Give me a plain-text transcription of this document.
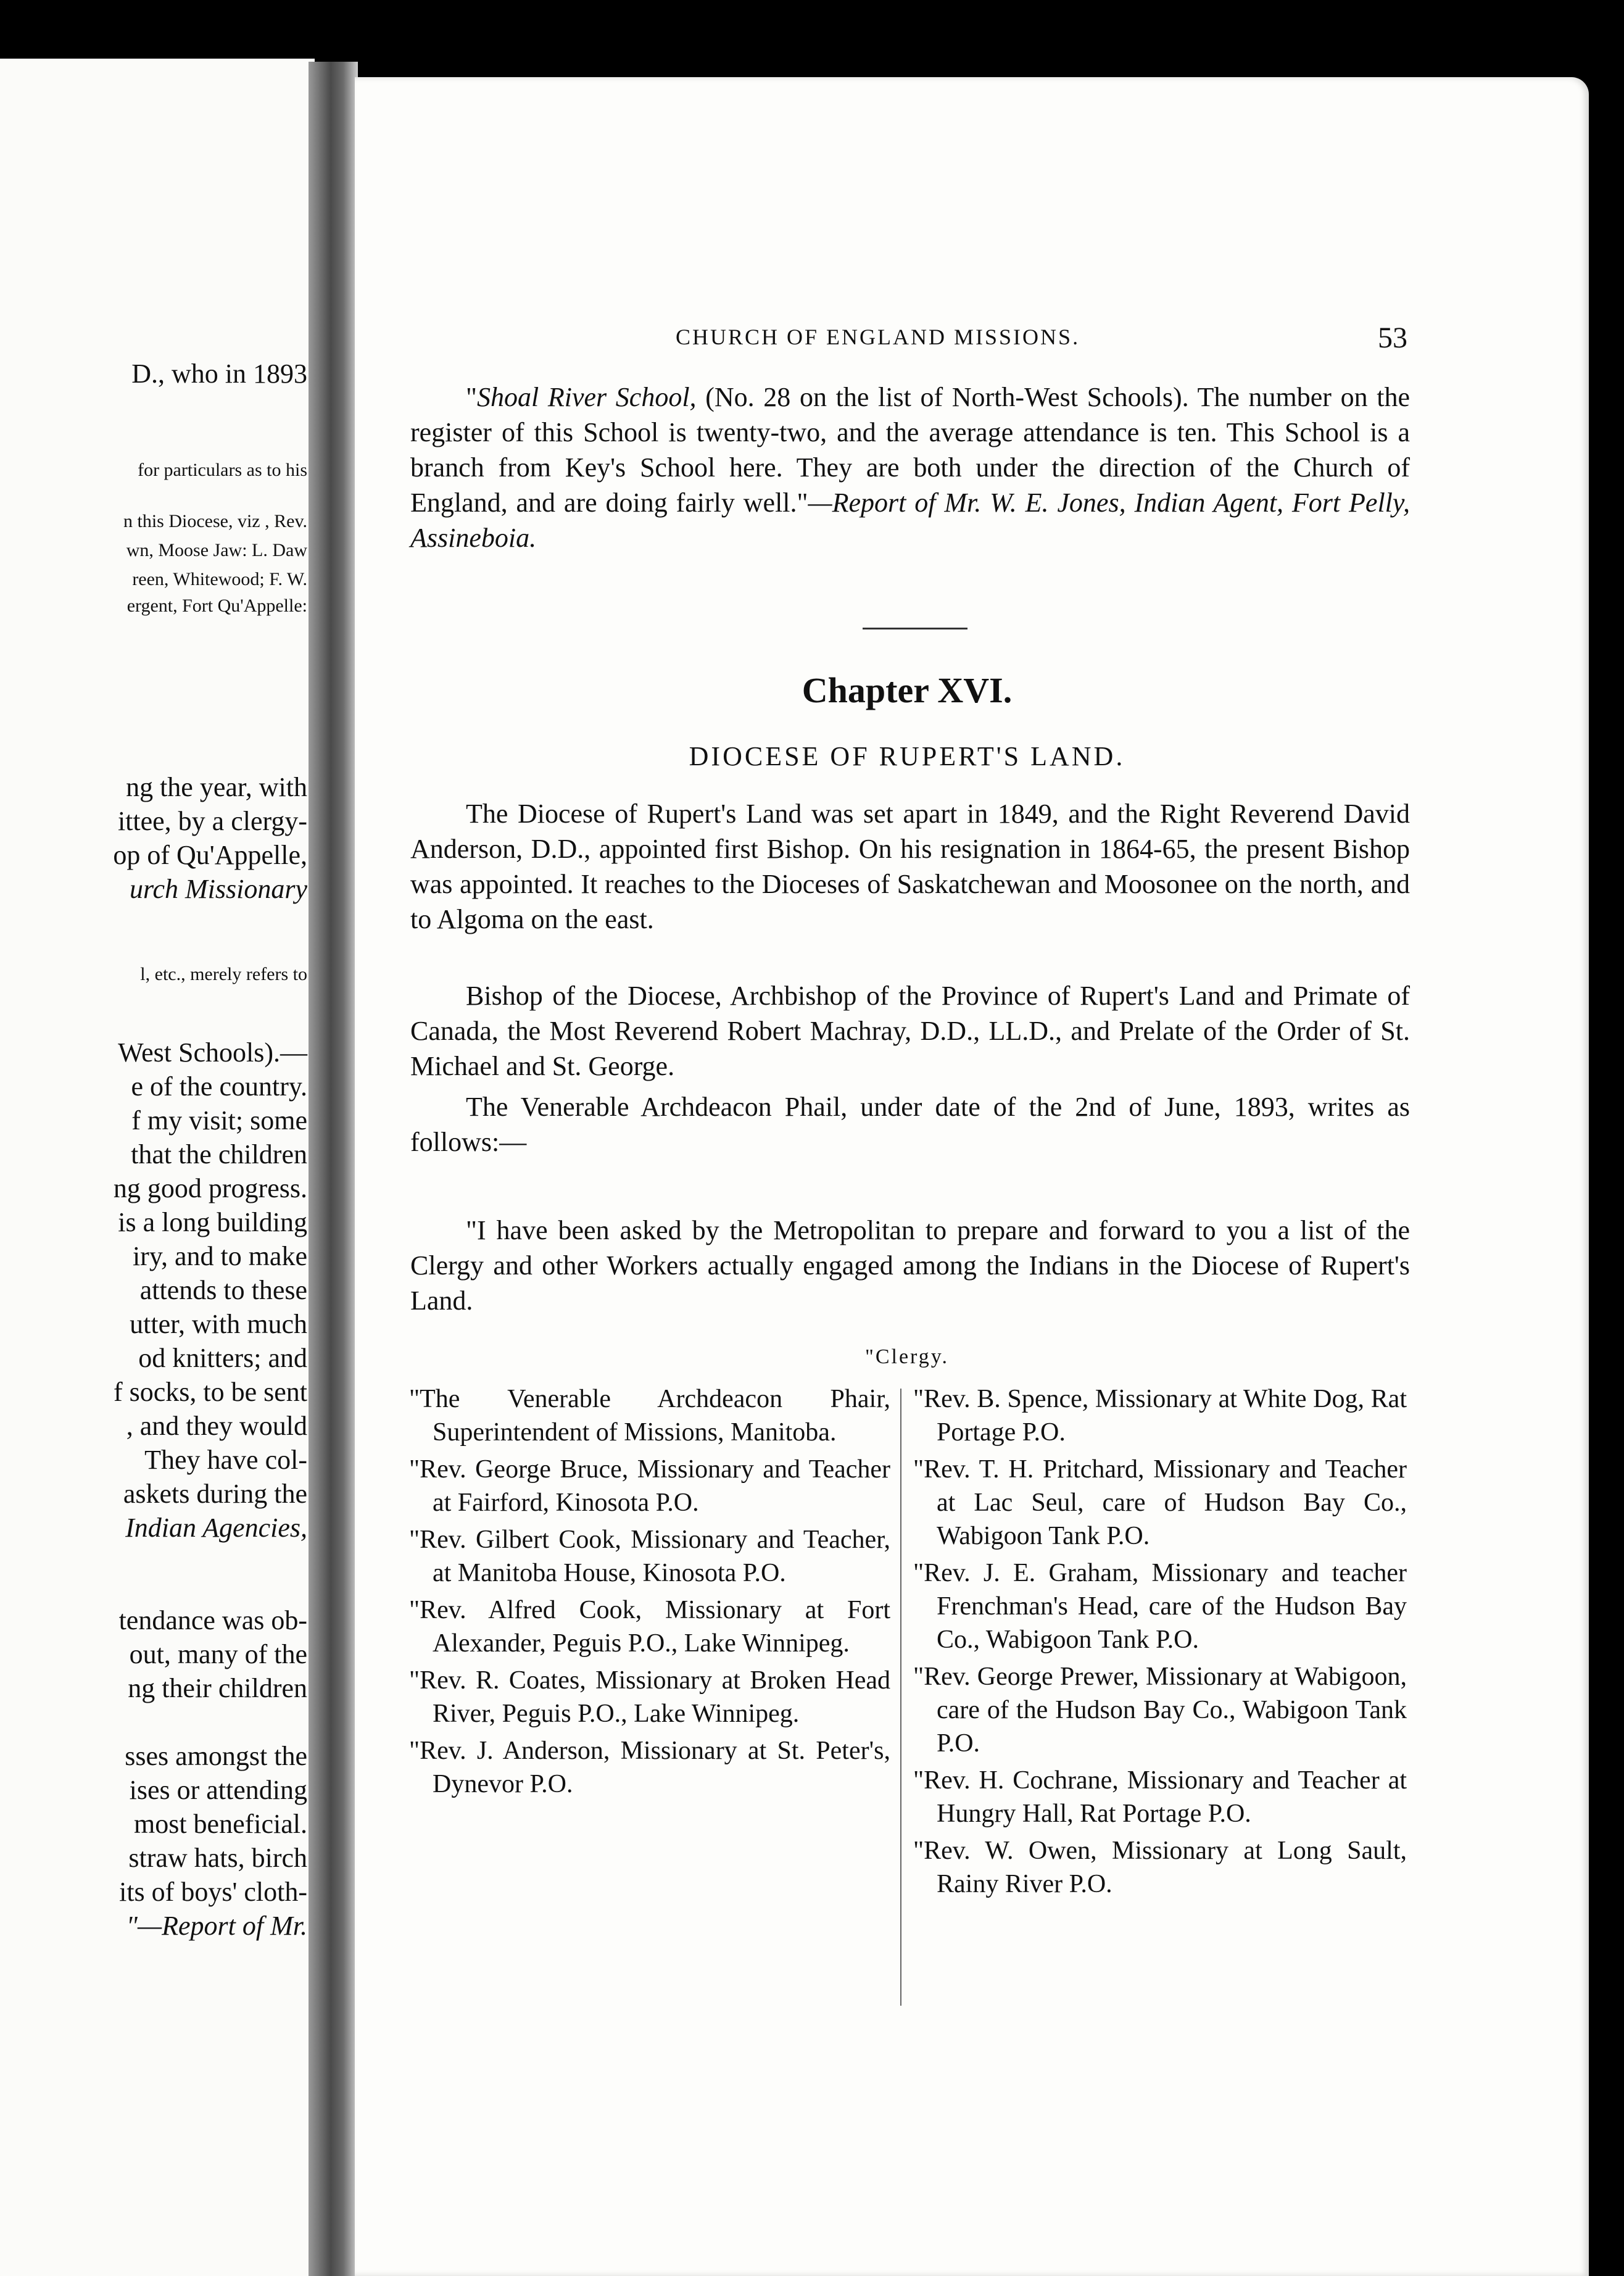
D., who in 1893
for particulars as to his
n this Diocese, viz , Rev.
wn, Moose Jaw: L. Daw
reen, Whitewood; F. W.
ergent, Fort Qu'Appelle:
ng the year, with
ittee, by a clergy-
op of Qu'Appelle,
urch Missionary
l, etc., merely refers to
West Schools).—
e of the country.
f my visit; some
that the children
ng good progress.
is a long building
iry, and to make
attends to these
utter, with much
od knitters; and
f socks, to be sent
, and they would
They have col-
askets during the
Indian Agencies,
tendance was ob-
out, many of the
ng their children
sses amongst the
ises or attending
most beneficial.
straw hats, birch
its of boys' cloth-
"—Report of Mr.
CHURCH OF ENGLAND MISSIONS.	53
"Shoal River School, (No. 28 on the list of North-West Schools). The number on the register of this School is twenty-two, and the average attendance is ten. This School is a branch from Key's School here. They are both under the direction of the Church of England, and are doing fairly well."—Report of Mr. W. E. Jones, Indian Agent, Fort Pelly, Assineboia.
Chapter XVI.
DIOCESE OF RUPERT'S LAND.
The Diocese of Rupert's Land was set apart in 1849, and the Right Reverend David Anderson, D.D., appointed first Bishop. On his resignation in 1864-65, the present Bishop was appointed. It reaches to the Dioceses of Saskatchewan and Moosonee on the north, and to Algoma on the east.
Bishop of the Diocese, Archbishop of the Province of Rupert's Land and Primate of Canada, the Most Reverend Robert Machray, D.D., LL.D., and Prelate of the Order of St. Michael and St. George.
The Venerable Archdeacon Phail, under date of the 2nd of June, 1893, writes as follows:—
"I have been asked by the Metropolitan to prepare and forward to you a list of the Clergy and other Workers actually engaged among the Indians in the Diocese of Rupert's Land.
"Clergy.
"The Venerable Archdeacon Phair, Superintendent of Missions, Manitoba.
"Rev. George Bruce, Missionary and Teacher at Fairford, Kinosota P.O.
"Rev. Gilbert Cook, Missionary and Teacher, at Manitoba House, Kinosota P.O.
"Rev. Alfred Cook, Missionary at Fort Alexander, Peguis P.O., Lake Winnipeg.
"Rev. R. Coates, Missionary at Broken Head River, Peguis P.O., Lake Winnipeg.
"Rev. J. Anderson, Missionary at St. Peter's, Dynevor P.O.
"Rev. B. Spence, Missionary at White Dog, Rat Portage P.O.
"Rev. T. H. Pritchard, Missionary and Teacher at Lac Seul, care of Hudson Bay Co., Wabigoon Tank P.O.
"Rev. J. E. Graham, Missionary and teacher Frenchman's Head, care of the Hudson Bay Co., Wabigoon Tank P.O.
"Rev. George Prewer, Missionary at Wabigoon, care of the Hudson Bay Co., Wabigoon Tank P.O.
"Rev. H. Cochrane, Missionary and Teacher at Hungry Hall, Rat Portage P.O.
"Rev. W. Owen, Missionary at Long Sault, Rainy River P.O.
